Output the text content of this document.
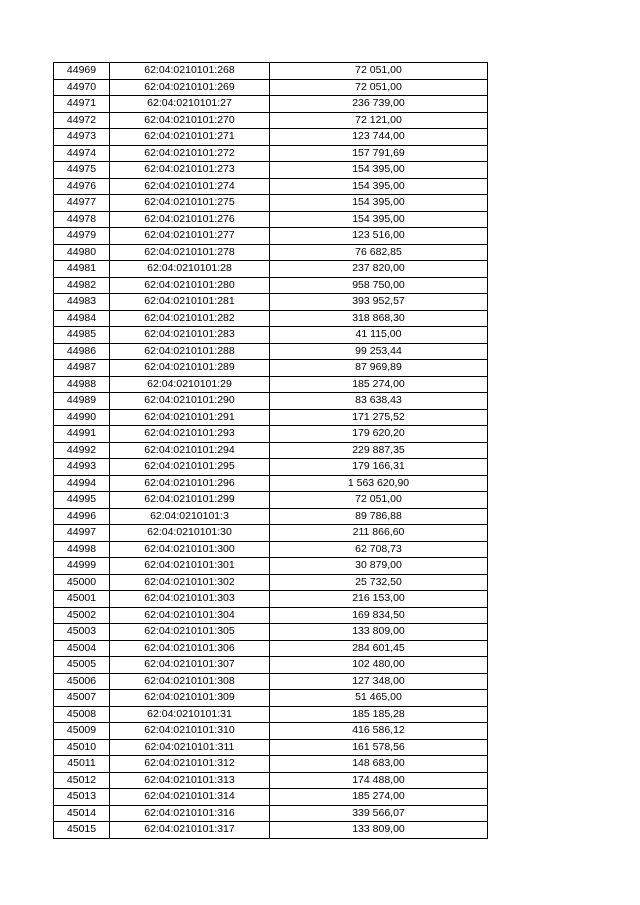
44969	62:04:0210101:268	72 051,00
44970	62:04:0210101:269	72 051,00
44971	62:04:0210101:27	236 739,00
44972	62:04:0210101:270	72 121,00
44973	62:04:0210101:271	123 744,00
44974	62:04:0210101:272	157 791,69
44975	62:04:0210101:273	154 395,00
44976	62:04:0210101:274	154 395,00
44977	62:04:0210101:275	154 395,00
44978	62:04:0210101:276	154 395,00
44979	62:04:0210101:277	123 516,00
44980	62:04:0210101:278	76 682,85
44981	62:04:0210101:28	237 820,00
44982	62:04:0210101:280	958 750,00
44983	62:04:0210101:281	393 952,57
44984	62:04:0210101:282	318 868,30
44985	62:04:0210101:283	41 115,00
44986	62:04:0210101:288	99 253,44
44987	62:04:0210101:289	87 969,89
44988	62:04:0210101:29	185 274,00
44989	62:04:0210101:290	83 638,43
44990	62:04:0210101:291	171 275,52
44991	62:04:0210101:293	179 620,20
44992	62:04:0210101:294	229 887,35
44993	62:04:0210101:295	179 166,31
44994	62:04:0210101:296	1 563 620,90
44995	62:04:0210101:299	72 051,00
44996	62:04:0210101:3	89 786,88
44997	62:04:0210101:30	211 866,60
44998	62:04:0210101:300	62 708,73
44999	62:04:0210101:301	30 879,00
45000	62:04:0210101:302	25 732,50
45001	62:04:0210101:303	216 153,00
45002	62:04:0210101:304	169 834,50
45003	62:04:0210101:305	133 809,00
45004	62:04:0210101:306	284 601,45
45005	62:04:0210101:307	102 480,00
45006	62:04:0210101:308	127 348,00
45007	62:04:0210101:309	51 465,00
45008	62:04:0210101:31	185 185,28
45009	62:04:0210101:310	416 586,12
45010	62:04:0210101:311	161 578,56
45011	62:04:0210101:312	148 683,00
45012	62:04:0210101:313	174 488,00
45013	62:04:0210101:314	185 274,00
45014	62:04:0210101:316	339 566,07
45015	62:04:0210101:317	133 809,00
